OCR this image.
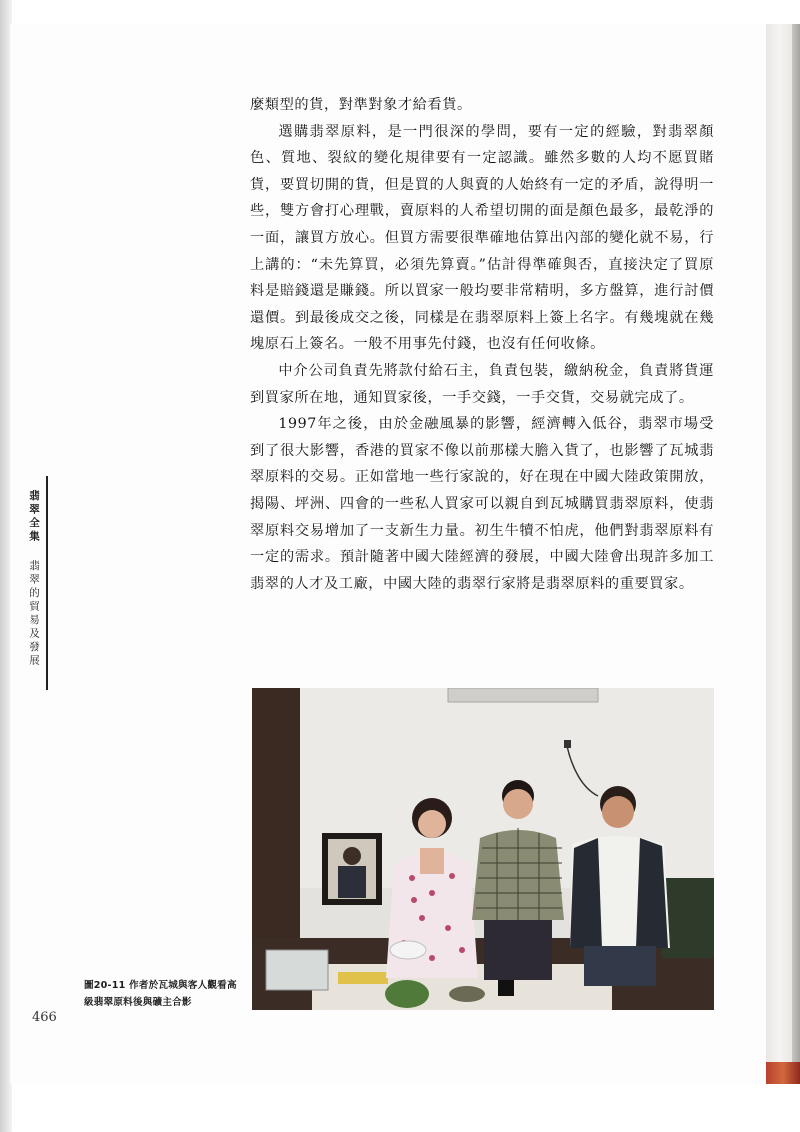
麼類型的貨，對準對象才給看貨。

選購翡翠原料，是一門很深的學問，要有一定的經驗，對翡翠顏色、質地、裂紋的變化規律要有一定認識。雖然多數的人均不愿買賭貨，要買切開的貨，但是買的人與賣的人始終有一定的矛盾，說得明一些，雙方會打心理戰，賣原料的人希望切開的面是顏色最多，最乾淨的一面，讓買方放心。但買方需要很準確地估算出內部的變化就不易，行上講的：“未先算買，必須先算賣。”估計得準確與否，直接決定了買原料是賠錢還是賺錢。所以買家一般均要非常精明，多方盤算，進行討價還價。到最後成交之後，同樣是在翡翠原料上簽上名字。有幾塊就在幾塊原石上簽名。一般不用事先付錢，也沒有任何收條。

中介公司負責先將款付給石主，負責包裝，繳納稅金，負責將貨運到買家所在地，通知買家後，一手交錢，一手交貨，交易就完成了。

1997年之後，由於金融風暴的影響，經濟轉入低谷，翡翠市場受到了很大影響，香港的買家不像以前那樣大膽入貨了，也影響了瓦城翡翠原料的交易。正如當地一些行家說的，好在現在中國大陸政策開放，揭陽、坪洲、四會的一些私人買家可以親自到瓦城購買翡翠原料，使翡翠原料交易增加了一支新生力量。初生牛犢不怕虎，他們對翡翠原料有一定的需求。預計隨著中國大陸經濟的發展，中國大陸會出現許多加工翡翠的人才及工廠，中國大陸的翡翠行家將是翡翠原料的重要買家。

翡翠全集 翡翠的貿易及發展
圖20-11 作者於瓦城與客人觀看高級翡翠原料後與礦主合影
466
